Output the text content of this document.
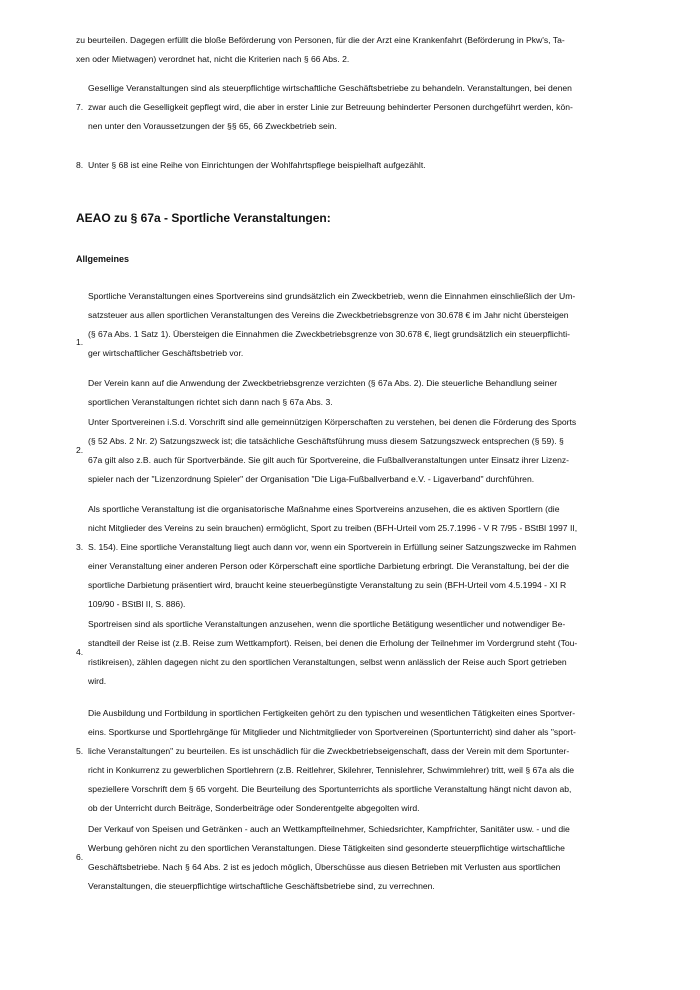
zu beurteilen. Dagegen erfüllt die bloße Beförderung von Personen, für die der Arzt eine Krankenfahrt (Beförderung in Pkw's, Ta-

xen oder Mietwagen) verordnet hat, nicht die Kriterien nach § 66 Abs. 2.

7.

Gesellige Veranstaltungen sind als steuerpflichtige wirtschaftliche Geschäftsbetriebe zu behandeln. Veranstaltungen, bei denen

zwar auch die Geselligkeit gepflegt wird, die aber in erster Linie zur Betreuung behinderter Personen durchgeführt werden, kön-

nen unter den Voraussetzungen der §§ 65, 66 Zweckbetrieb sein.

8. Unter § 68 ist eine Reihe von Einrichtungen der Wohlfahrtspflege beispielhaft aufgezählt.

AEAO zu § 67a - Sportliche Veranstaltungen:
Allgemeines
1.

Sportliche Veranstaltungen eines Sportvereins sind grundsätzlich ein Zweckbetrieb, wenn die Einnahmen einschließlich der Um-

satzsteuer aus allen sportlichen Veranstaltungen des Vereins die Zweckbetriebsgrenze von 30.678 € im Jahr nicht übersteigen

(§ 67a Abs. 1 Satz 1). Übersteigen die Einnahmen die Zweckbetriebsgrenze von 30.678 €, liegt grundsätzlich ein steuerpflichti-

ger wirtschaftlicher Geschäftsbetrieb vor.

Der Verein kann auf die Anwendung der Zweckbetriebsgrenze verzichten (§ 67a Abs. 2). Die steuerliche Behandlung seiner

sportlichen Veranstaltungen richtet sich dann nach § 67a Abs. 3.

2.

Unter Sportvereinen i.S.d. Vorschrift sind alle gemeinnützigen Körperschaften zu verstehen, bei denen die Förderung des Sports

(§ 52 Abs. 2 Nr. 2) Satzungszweck ist; die tatsächliche Geschäftsführung muss diesem Satzungszweck entsprechen (§ 59). §

67a gilt also z.B. auch für Sportverbände. Sie gilt auch für Sportvereine, die Fußballveranstaltungen unter Einsatz ihrer Lizenz-

spieler nach der "Lizenzordnung Spieler" der Organisation "Die Liga-Fußballverband e.V. - Ligaverband" durchführen.

3.

Als sportliche Veranstaltung ist die organisatorische Maßnahme eines Sportvereins anzusehen, die es aktiven Sportlern (die

nicht Mitglieder des Vereins zu sein brauchen) ermöglicht, Sport zu treiben (BFH-Urteil vom 25.7.1996 - V R 7/95 - BStBl 1997 II,

S. 154). Eine sportliche Veranstaltung liegt auch dann vor, wenn ein Sportverein in Erfüllung seiner Satzungszwecke im Rahmen

einer Veranstaltung einer anderen Person oder Körperschaft eine sportliche Darbietung erbringt. Die Veranstaltung, bei der die

sportliche Darbietung präsentiert wird, braucht keine steuerbegünstigte Veranstaltung zu sein (BFH-Urteil vom 4.5.1994 - XI R

109/90 - BStBl II, S. 886).

4.

Sportreisen sind als sportliche Veranstaltungen anzusehen, wenn die sportliche Betätigung wesentlicher und notwendiger Be-

standteil der Reise ist (z.B. Reise zum Wettkampfort). Reisen, bei denen die Erholung der Teilnehmer im Vordergrund steht (Tou-

ristikreisen), zählen dagegen nicht zu den sportlichen Veranstaltungen, selbst wenn anlässlich der Reise auch Sport getrieben

wird.

5.

Die Ausbildung und Fortbildung in sportlichen Fertigkeiten gehört zu den typischen und wesentlichen Tätigkeiten eines Sportver-

eins. Sportkurse und Sportlehrgänge für Mitglieder und Nichtmitglieder von Sportvereinen (Sportunterricht) sind daher als "sport-

liche Veranstaltungen" zu beurteilen. Es ist unschädlich für die Zweckbetriebseigenschaft, dass der Verein mit dem Sportunter-

richt in Konkurrenz zu gewerblichen Sportlehrern (z.B. Reitlehrer, Skilehrer, Tennislehrer, Schwimmlehrer) tritt, weil § 67a als die

speziellere Vorschrift dem § 65 vorgeht. Die Beurteilung des Sportunterrichts als sportliche Veranstaltung hängt nicht davon ab,

ob der Unterricht durch Beiträge, Sonderbeiträge oder Sonderentgelte abgegolten wird.

6.

Der Verkauf von Speisen und Getränken - auch an Wettkampfteilnehmer, Schiedsrichter, Kampfrichter, Sanitäter usw. - und die

Werbung gehören nicht zu den sportlichen Veranstaltungen. Diese Tätigkeiten sind gesonderte steuerpflichtige wirtschaftliche

Geschäftsbetriebe. Nach § 64 Abs. 2 ist es jedoch möglich, Überschüsse aus diesen Betrieben mit Verlusten aus sportlichen

Veranstaltungen, die steuerpflichtige wirtschaftliche Geschäftsbetriebe sind, zu verrechnen.
